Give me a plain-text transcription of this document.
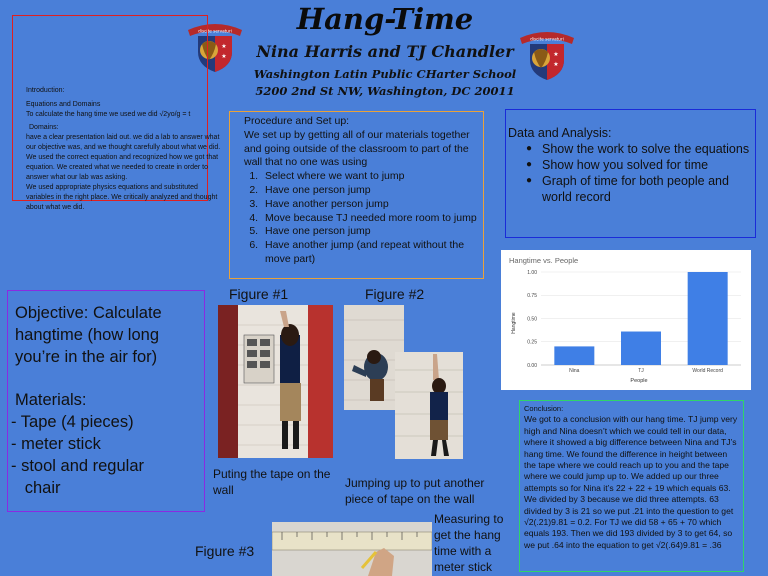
Hang-Time
Nina Harris and TJ Chandler
Washington Latin Public CHarter School
5200 2nd St NW, Washington, DC 20011
discite servaturi
★
★
discite servaturi
★
★

Introduction:

Equations and Domains

To calculate the hang time we used we did √2yo/g = t

Domains:

have a clear presentation laid out. we did a lab to answer what our objective was, and we thought carefully about what we did. We used the correct equation and recognized how we got that equation. We created what we needed to create in order to answer what our lab was asking.

We used appropriate physics equations and substituted variables in the right place. We critically analyzed and thought about what we did.

Procedure and Set up:
We set up by getting all of our materials together and going outside of the classroom to part of the wall that no one was using
1. Select where we want to jump
2. Have one person jump
3. Have another person jump
4. Move because TJ needed more room to jump
5. Have one person jump
6. Have another jump (and repeat without the move part)
Data and Analysis:
● Show the work to solve the equations
● Show how you solved for time
● Graph of time for both people and world record
Objective: Calculate hangtime (how long you’re in the air for)
Materials:
- Tape (4 pieces)
- meter stick
- stool and regular
chair
Figure #1	Figure #2
Figure #3
Puting the tape on the wall	Jumping up to put another piece of tape on the wall
Measuring to get the hang time with a meter stick
Hangtime vs. People
0.00
0.25
0.50
0.75
1.00
Nina	TJ	World Record
Hangtime
People

Conclusion:

We got to a conclusion with our hang time. TJ jump very high and Nina doesn’t which we could tell in our data, where it showed a big difference between Nina and TJ’s hang time. We found the difference in height between the tape where we could reach up to you and the tape where we could jump up to. We added up our three attempts so for Nina it’s 22 + 22 + 19 which equals 63. We divided by 3 because we did three attempts. 63 divided by 3 is 21 so we put .21 into the question to get √2(.21)9.81 = 0.2. For TJ we did 58 + 65 + 70 which equals 193. Then we did 193 divided by 3 to get 64, so we put .64 into the equation to get √2(.64)9.81 = .36
